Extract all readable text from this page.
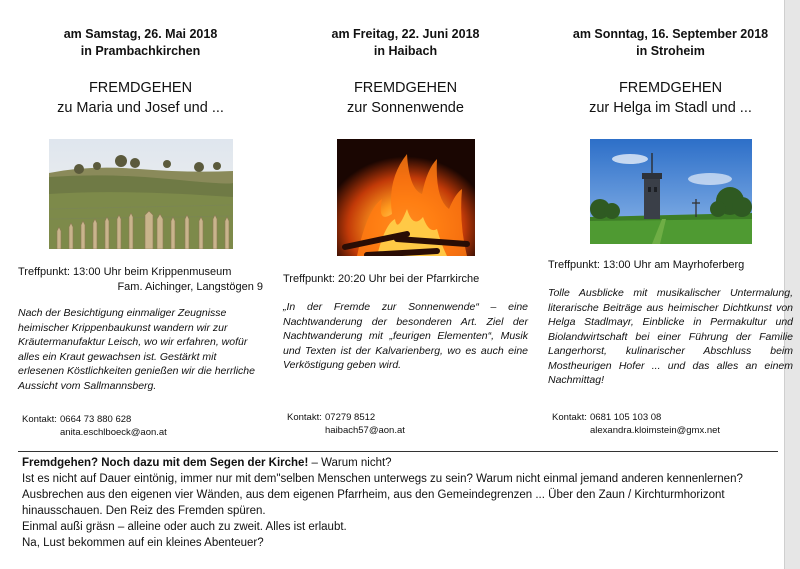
am Samstag, 26. Mai 2018
in Prambachkirchen
FREMDGEHEN
zu Maria und Josef und ...
Treffpunkt: 13:00 Uhr beim Krippenmuseum
Fam. Aichinger, Langstögen 9
Nach der Besichtigung einmaliger Zeugnisse heimischer Krippenbaukunst wandern wir zur Kräutermanufaktur Leisch, wo wir erfahren, wofür alles ein Kraut gewachsen ist. Gestärkt mit erlesenen Köstlichkeiten genießen wir die herrliche Aussicht vom Sallmannsberg.
Kontakt: 0664 73 880 628
anita.eschlboeck@aon.at
am Freitag, 22. Juni 2018
in Haibach
FREMDGEHEN
zur Sonnenwende
Treffpunkt: 20:20 Uhr bei der Pfarrkirche
„In der Fremde zur Sonnenwende“ – eine Nachtwanderung der besonderen Art. Ziel der Nachtwanderung mit „feurigen Elementen“, Musik und Texten ist der Kalvarienberg, wo es auch eine Verköstigung geben wird.
Kontakt: 07279 8512
haibach57@aon.at
am Sonntag, 16. September 2018
in Stroheim
FREMDGEHEN
zur Helga im Stadl und ...
Treffpunkt: 13:00 Uhr am Mayrhoferberg
Tolle Ausblicke mit musikalischer Untermalung, literarische Beiträge aus heimischer Dichtkunst von Helga Stadlmayr, Einblicke in Permakultur und Biolandwirtschaft bei einer Führung der Familie Langerhorst, kulinarischer Abschluss beim Mostheurigen Hofer ... und das alles an einem Nachmittag!
Kontakt: 0681 105 103 08
alexandra.kloimstein@gmx.net
Fremdgehen? Noch dazu mit dem Segen der Kirche! – Warum nicht?
Ist es nicht auf Dauer eintönig, immer nur mit dem"selben Menschen unterwegs zu sein? Warum nicht einmal jemand anderen kennenlernen?
Ausbrechen aus den eigenen vier Wänden, aus dem eigenen Pfarrheim, aus den Gemeindegrenzen ... Über den Zaun / Kirchturmhorizont hinausschauen. Den Reiz des Fremden spüren.
Einmal außi gräsn – alleine oder auch zu zweit. Alles ist erlaubt.
Na, Lust bekommen auf ein kleines Abenteuer?
